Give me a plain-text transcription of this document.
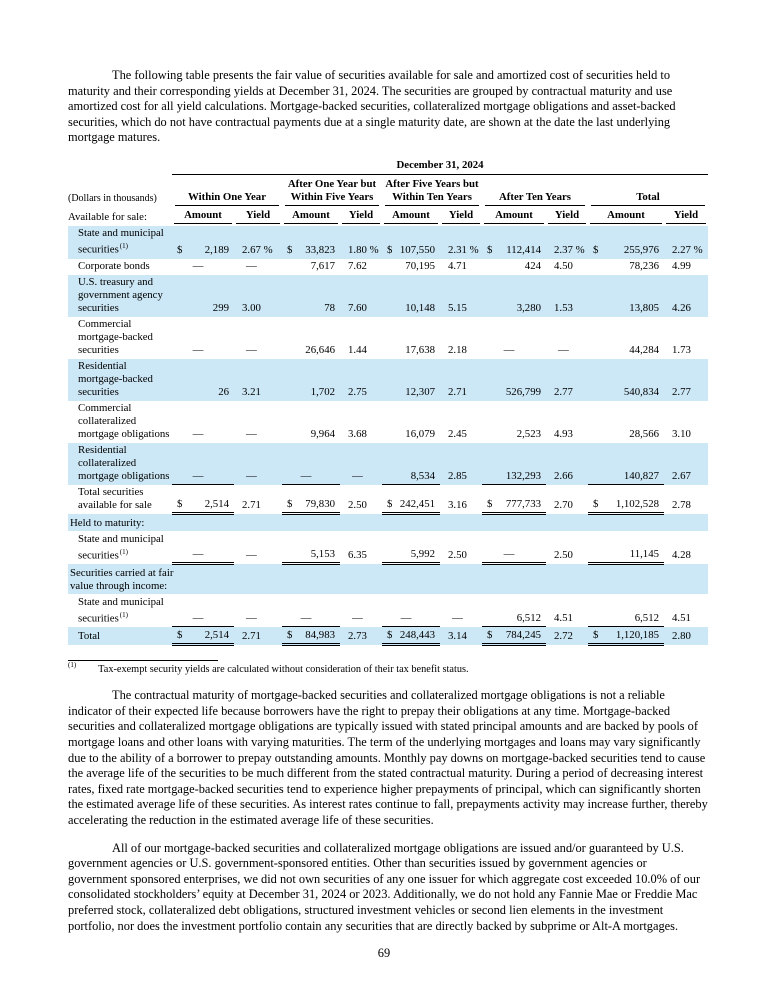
The following table presents the fair value of securities available for sale and amortized cost of securities held to maturity and their corresponding yields at December 31, 2024. The securities are grouped by contractual maturity and use amortized cost for all yield calculations. Mortgage-backed securities, collateralized mortgage obligations and asset-backed securities, which do not have contractual payments due at a single maturity date, are shown at the date the last underlying mortgage matures.

	December 31, 2024									

(Dollars in thousands)	Within One Year		After One Year but Within Five Years		After Five Years but Within Ten Years		After Ten Years		Total	

Available for sale:	Amount	Yield	Amount	Yield	Amount	Yield	Amount	Yield	Amount	Yield

State and municipal securities$^{(1)}$	$ 2,189	2.67 %	$ 33,823	1.80 %	$ 107,550	2.31 %	$ 112,414	2.37 %	$ 255,976	2.27 %
Corporate bonds	—	—	7,617	7.62	70,195	4.71	424	4.50	78,236	4.99
U.S. treasury and government agency securities	299	3.00	78	7.60	10,148	5.15	3,280	1.53	13,805	4.26
Commercial mortgage-backed securities	—	—	26,646	1.44	17,638	2.18	—	—	44,284	1.73
Residential mortgage-backed securities	26	3.21	1,702	2.75	12,307	2.71	526,799	2.77	540,834	2.77
Commercial collateralized mortgage obligations	—	—	9,964	3.68	16,079	2.45	2,523	4.93	28,566	3.10
Residential collateralized mortgage obligations	—	—	—	—	8,534	2.85	132,293	2.66	140,827	2.67
Total securities available for sale	$ 2,514	2.71	$ 79,830	2.50	$ 242,451	3.16	$ 777,733	2.70	$ 1,102,528	2.78
Held to maturity:										
State and municipal securities$^{(1)}$	—	—	5,153	6.35	5,992	2.50	—	2.50	11,145	4.28

Securities carried at fair value through income:										

State and municipal securities$^{(1)}$	—	—	—	—	—	—	6,512	4.51	6,512	4.51
Total	$ 2,514	2.71	$ 84,983	2.73	$ 248,443	3.14	$ 784,245	2.72	$ 1,120,185	2.80
(1) Tax-exempt security yields are calculated without consideration of their tax benefit status.

The contractual maturity of mortgage-backed securities and collateralized mortgage obligations is not a reliable indicator of their expected life because borrowers have the right to prepay their obligations at any time. Mortgage-backed securities and collateralized mortgage obligations are typically issued with stated principal amounts and are backed by pools of mortgage loans and other loans with varying maturities. The term of the underlying mortgages and loans may vary significantly due to the ability of a borrower to prepay outstanding amounts. Monthly pay downs on mortgage-backed securities tend to cause the average life of the securities to be much different from the stated contractual maturity. During a period of decreasing interest rates, fixed rate mortgage-backed securities tend to experience higher prepayments of principal, which can significantly shorten the estimated average life of these securities. As interest rates continue to fall, prepayments activity may increase further, thereby accelerating the reduction in the estimated average life of these securities.

All of our mortgage-backed securities and collateralized mortgage obligations are issued and/or guaranteed by U.S. government agencies or U.S. government-sponsored entities. Other than securities issued by government agencies or government sponsored enterprises, we did not own securities of any one issuer for which aggregate cost exceeded 10.0% of our consolidated stockholders’ equity at December 31, 2024 or 2023. Additionally, we do not hold any Fannie Mae or Freddie Mac preferred stock, collateralized debt obligations, structured investment vehicles or second lien elements in the investment portfolio, nor does the investment portfolio contain any securities that are directly backed by subprime or Alt-A mortgages.

69
